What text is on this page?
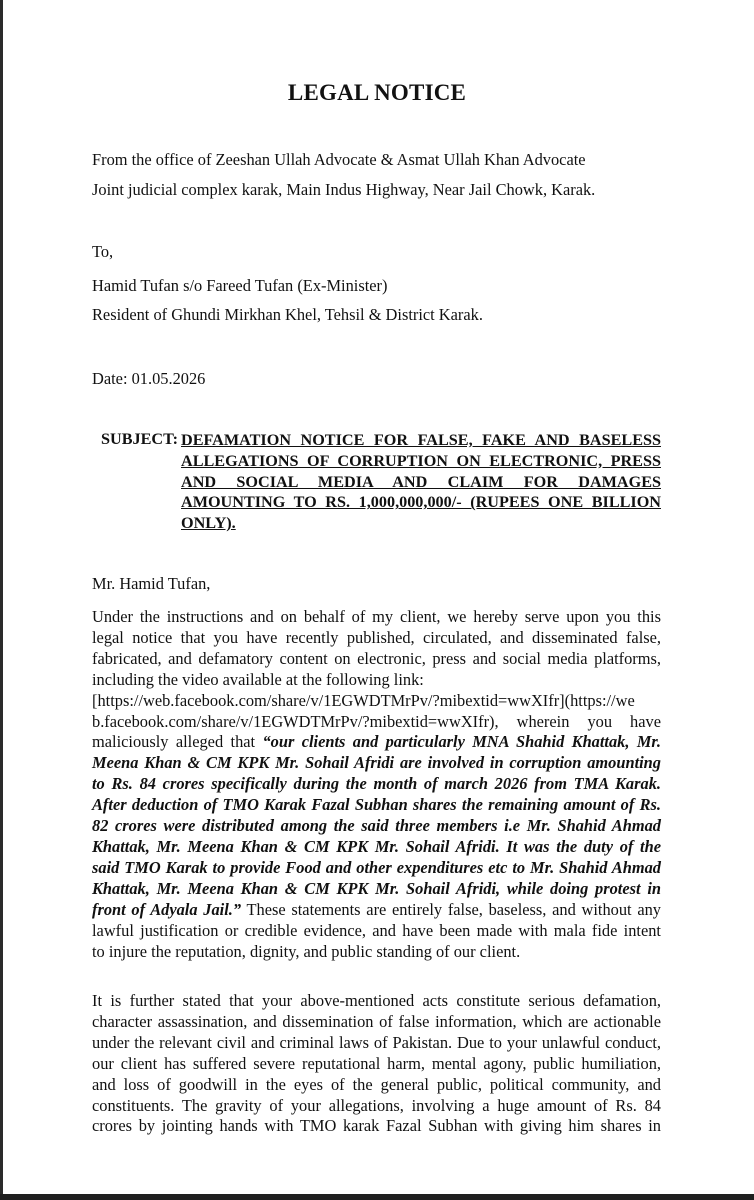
LEGAL NOTICE
From the office of Zeeshan Ullah Advocate & Asmat Ullah Khan Advocate
Joint judicial complex karak, Main Indus Highway, Near Jail Chowk, Karak.
To,
Hamid Tufan s/o Fareed Tufan (Ex-Minister)
Resident of Ghundi Mirkhan Khel, Tehsil & District Karak.
Date: 01.05.2026
SUBJECT: DEFAMATION NOTICE FOR FALSE, FAKE AND BASELESS
ALLEGATIONS OF CORRUPTION ON ELECTRONIC, PRESS
AND SOCIAL MEDIA AND CLAIM FOR DAMAGES
AMOUNTING TO RS. 1,000,000,000/- (RUPEES ONE BILLION
ONLY).
Mr. Hamid Tufan,
Under the instructions and on behalf of my client, we hereby serve upon you this
legal notice that you have recently published, circulated, and disseminated false,
fabricated, and defamatory content on electronic, press and social media platforms,
including the video available at the following link:
[https://web.facebook.com/share/v/1EGWDTMrPv/?mibextid=wwXIfr](https://we
b.facebook.com/share/v/1EGWDTMrPv/?mibextid=wwXIfr), wherein you have
maliciously alleged that “our clients and particularly MNA Shahid Khattak, Mr.
Meena Khan & CM KPK Mr. Sohail Afridi are involved in corruption amounting
to Rs. 84 crores specifically during the month of march 2026 from TMA Karak.
After deduction of TMO Karak Fazal Subhan shares the remaining amount of Rs.
82 crores were distributed among the said three members i.e Mr. Shahid Ahmad
Khattak, Mr. Meena Khan & CM KPK Mr. Sohail Afridi. It was the duty of the
said TMO Karak to provide Food and other expenditures etc to Mr. Shahid Ahmad
Khattak, Mr. Meena Khan & CM KPK Mr. Sohail Afridi, while doing protest in
front of Adyala Jail.” These statements are entirely false, baseless, and without any
lawful justification or credible evidence, and have been made with mala fide intent
to injure the reputation, dignity, and public standing of our client.
It is further stated that your above-mentioned acts constitute serious defamation,
character assassination, and dissemination of false information, which are actionable
under the relevant civil and criminal laws of Pakistan. Due to your unlawful conduct,
our client has suffered severe reputational harm, mental agony, public humiliation,
and loss of goodwill in the eyes of the general public, political community, and
constituents. The gravity of your allegations, involving a huge amount of Rs. 84
crores by jointing hands with TMO karak Fazal Subhan with giving him shares in
